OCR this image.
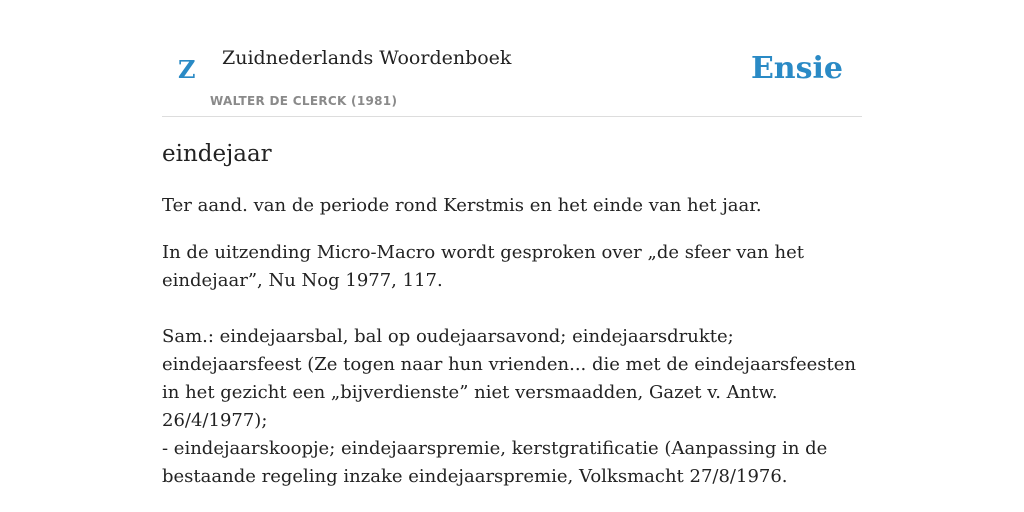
Z Zuidnederlands Woordenboek
WALTER DE CLERCK (1981)
Ensie
eindejaar

Ter aand. van de periode rond Kerstmis en het einde van het jaar.

In de uitzending Micro-Macro wordt gesproken over „de sfeer van het eindejaar”, Nu Nog 1977, 117.

Sam.: eindejaarsbal, bal op oudejaarsavond; eindejaarsdrukte; eindejaarsfeest (Ze togen naar hun vrienden... die met de eindejaarsfeesten in het gezicht een „bijverdienste” niet versmaadden, Gazet v. Antw. 26/4/1977);

- eindejaarskoopje; eindejaarspremie, kerstgratificatie (Aanpassing in de bestaande regeling inzake eindejaarspremie, Volksmacht 27/8/1976.
